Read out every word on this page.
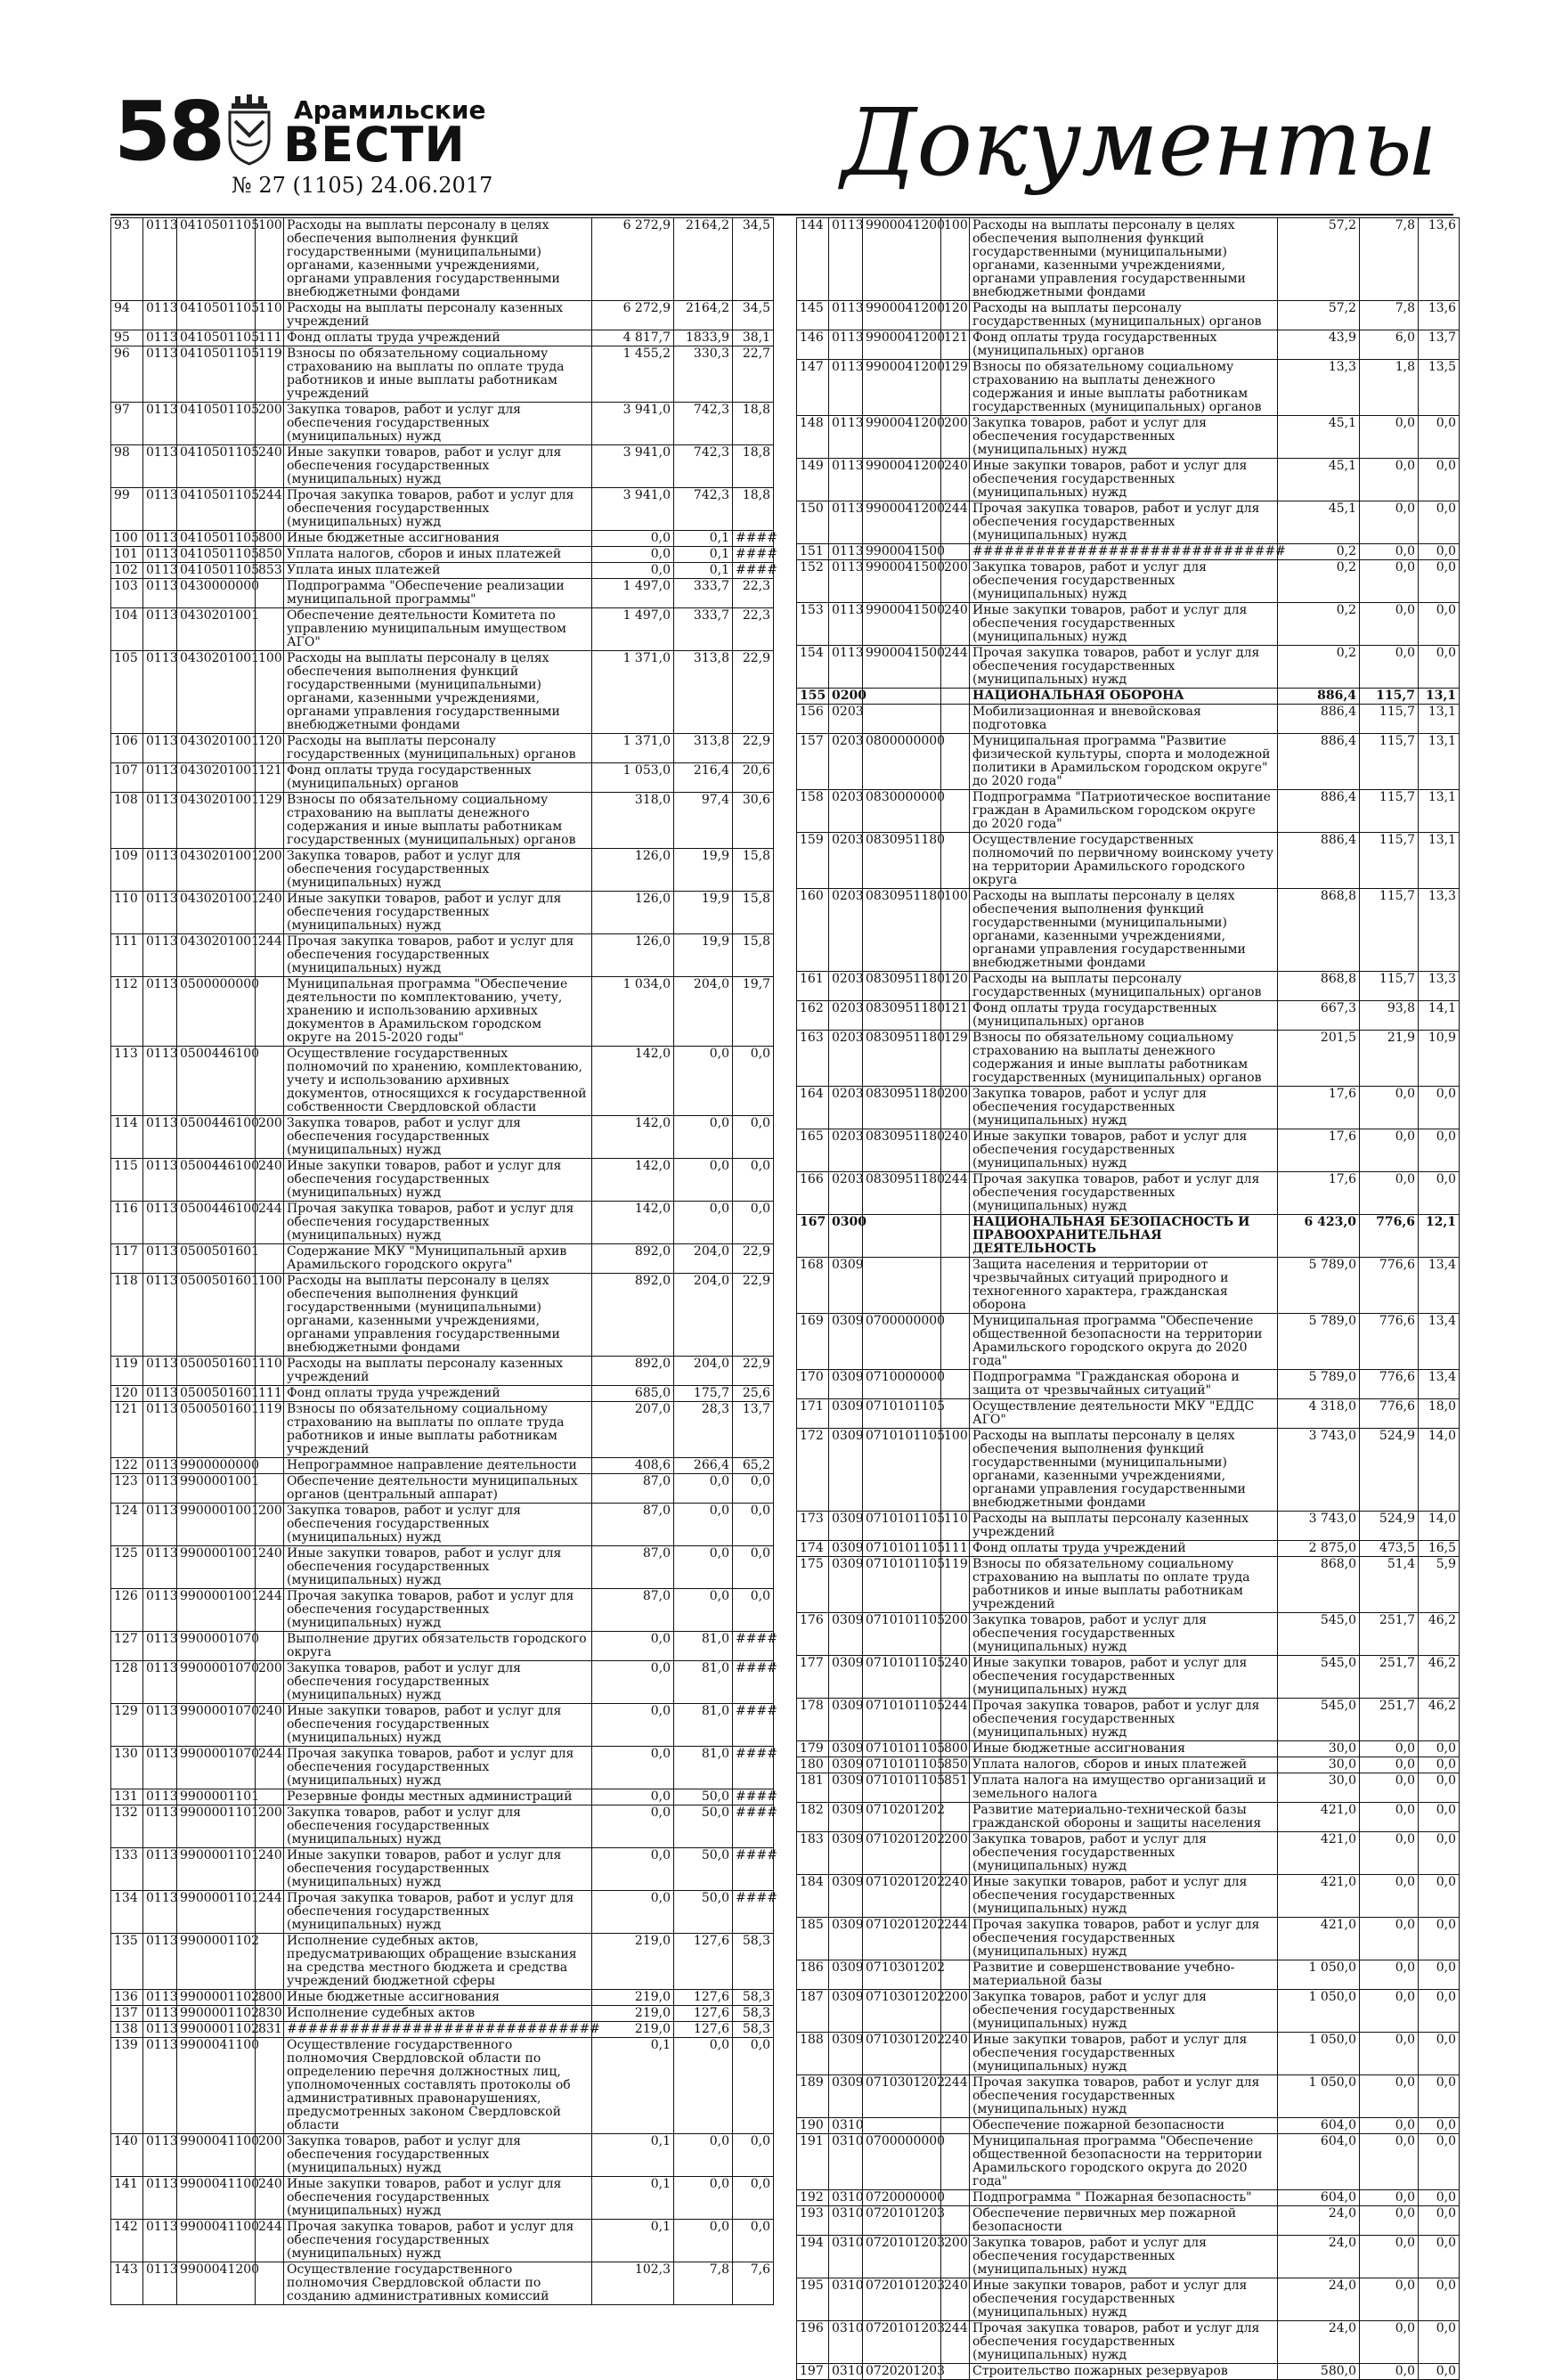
58	Арамильские
ВЕСТИ
№ 27 (1105) 24.06.2017	Документы
93	0113	0410501105	100	Расходы на выплаты персоналу в целях обеспечения выполнения функций государственными (муниципальными) органами, казенными учреждениями, органами управления государственными внебюджетными фондами	6 272,9	2164,2	34,5
94	0113	0410501105	110	Расходы на выплаты персоналу казенных учреждений	6 272,9	2164,2	34,5
95	0113	0410501105	111	Фонд оплаты труда учреждений	4 817,7	1833,9	38,1
96	0113	0410501105	119	Взносы по обязательному социальному страхованию на выплаты по оплате труда работников и иные выплаты работникам учреждений	1 455,2	330,3	22,7
97	0113	0410501105	200	Закупка товаров, работ и услуг для обеспечения государственных (муниципальных) нужд	3 941,0	742,3	18,8
98	0113	0410501105	240	Иные закупки товаров, работ и услуг для обеспечения государственных (муниципальных) нужд	3 941,0	742,3	18,8
99	0113	0410501105	244	Прочая закупка товаров, работ и услуг для обеспечения государственных (муниципальных) нужд	3 941,0	742,3	18,8
100	0113	0410501105	800	Иные бюджетные ассигнования	0,0	0,1	####
101	0113	0410501105	850	Уплата налогов, сборов и иных платежей	0,0	0,1	####
102	0113	0410501105	853	Уплата иных платежей	0,0	0,1	####
103	0113	0430000000		Подпрограмма "Обеспечение реализации муниципальной программы"	1 497,0	333,7	22,3
104	0113	0430201001		Обеспечение деятельности Комитета по управлению муниципальным имуществом АГО"	1 497,0	333,7	22,3
105	0113	0430201001	100	Расходы на выплаты персоналу в целях обеспечения выполнения функций государственными (муниципальными) органами, казенными учреждениями, органами управления государственными внебюджетными фондами	1 371,0	313,8	22,9
106	0113	0430201001	120	Расходы на выплаты персоналу государственных (муниципальных) органов	1 371,0	313,8	22,9
107	0113	0430201001	121	Фонд оплаты труда государственных (муниципальных) органов	1 053,0	216,4	20,6
108	0113	0430201001	129	Взносы по обязательному социальному страхованию на выплаты денежного содержания и иные выплаты работникам государственных (муниципальных) органов	318,0	97,4	30,6
109	0113	0430201001	200	Закупка товаров, работ и услуг для обеспечения государственных (муниципальных) нужд	126,0	19,9	15,8
110	0113	0430201001	240	Иные закупки товаров, работ и услуг для обеспечения государственных (муниципальных) нужд	126,0	19,9	15,8
111	0113	0430201001	244	Прочая закупка товаров, работ и услуг для обеспечения государственных (муниципальных) нужд	126,0	19,9	15,8
112	0113	0500000000		Муниципальная программа "Обеспечение деятельности по комплектованию, учету, хранению и использованию архивных документов в Арамильском городском округе на 2015-2020 годы"	1 034,0	204,0	19,7
113	0113	0500446100		Осуществление государственных полномочий по хранению, комплектованию, учету и использованию архивных документов, относящихся к государственной собственности Свердловской области	142,0	0,0	0,0
114	0113	0500446100	200	Закупка товаров, работ и услуг для обеспечения государственных (муниципальных) нужд	142,0	0,0	0,0
115	0113	0500446100	240	Иные закупки товаров, работ и услуг для обеспечения государственных (муниципальных) нужд	142,0	0,0	0,0
116	0113	0500446100	244	Прочая закупка товаров, работ и услуг для обеспечения государственных (муниципальных) нужд	142,0	0,0	0,0
117	0113	0500501601		Содержание МКУ "Муниципальный архив Арамильского городского округа"	892,0	204,0	22,9
118	0113	0500501601	100	Расходы на выплаты персоналу в целях обеспечения выполнения функций государственными (муниципальными) органами, казенными учреждениями, органами управления государственными внебюджетными фондами	892,0	204,0	22,9
119	0113	0500501601	110	Расходы на выплаты персоналу казенных учреждений	892,0	204,0	22,9
120	0113	0500501601	111	Фонд оплаты труда учреждений	685,0	175,7	25,6
121	0113	0500501601	119	Взносы по обязательному социальному страхованию на выплаты по оплате труда работников и иные выплаты работникам учреждений	207,0	28,3	13,7
122	0113	9900000000		Непрограммное направление деятельности	408,6	266,4	65,2
123	0113	9900001001		Обеспечение деятельности муниципальных органов (центральный аппарат)	87,0	0,0	0,0
124	0113	9900001001	200	Закупка товаров, работ и услуг для обеспечения государственных (муниципальных) нужд	87,0	0,0	0,0
125	0113	9900001001	240	Иные закупки товаров, работ и услуг для обеспечения государственных (муниципальных) нужд	87,0	0,0	0,0
126	0113	9900001001	244	Прочая закупка товаров, работ и услуг для обеспечения государственных (муниципальных) нужд	87,0	0,0	0,0
127	0113	9900001070		Выполнение других обязательств городского округа	0,0	81,0	####
128	0113	9900001070	200	Закупка товаров, работ и услуг для обеспечения государственных (муниципальных) нужд	0,0	81,0	####
129	0113	9900001070	240	Иные закупки товаров, работ и услуг для обеспечения государственных (муниципальных) нужд	0,0	81,0	####
130	0113	9900001070	244	Прочая закупка товаров, работ и услуг для обеспечения государственных (муниципальных) нужд	0,0	81,0	####
131	0113	9900001101		Резервные фонды местных администраций	0,0	50,0	####
132	0113	9900001101	200	Закупка товаров, работ и услуг для обеспечения государственных (муниципальных) нужд	0,0	50,0	####
133	0113	9900001101	240	Иные закупки товаров, работ и услуг для обеспечения государственных (муниципальных) нужд	0,0	50,0	####
134	0113	9900001101	244	Прочая закупка товаров, работ и услуг для обеспечения государственных (муниципальных) нужд	0,0	50,0	####
135	0113	9900001102		Исполнение судебных актов, предусматривающих обращение взыскания на средства местного бюджета и средства учреждений бюджетной сферы	219,0	127,6	58,3
136	0113	9900001102	800	Иные бюджетные ассигнования	219,0	127,6	58,3
137	0113	9900001102	830	Исполнение судебных актов	219,0	127,6	58,3
138	0113	9900001102	831	##############################	219,0	127,6	58,3
139	0113	9900041100		Осуществление государственного полномочия Свердловской области по определению перечня должностных лиц, уполномоченных составлять протоколы об административных правонарушениях, предусмотренных законом Свердловской области	0,1	0,0	0,0
140	0113	9900041100	200	Закупка товаров, работ и услуг для обеспечения государственных (муниципальных) нужд	0,1	0,0	0,0
141	0113	9900041100	240	Иные закупки товаров, работ и услуг для обеспечения государственных (муниципальных) нужд	0,1	0,0	0,0
142	0113	9900041100	244	Прочая закупка товаров, работ и услуг для обеспечения государственных (муниципальных) нужд	0,1	0,0	0,0
143	0113	9900041200		Осуществление государственного полномочия Свердловской области по созданию административных комиссий	102,3	7,8	7,6
144	0113	9900041200	100	Расходы на выплаты персоналу в целях обеспечения выполнения функций государственными (муниципальными) органами, казенными учреждениями, органами управления государственными внебюджетными фондами	57,2	7,8	13,6
145	0113	9900041200	120	Расходы на выплаты персоналу государственных (муниципальных) органов	57,2	7,8	13,6
146	0113	9900041200	121	Фонд оплаты труда государственных (муниципальных) органов	43,9	6,0	13,7
147	0113	9900041200	129	Взносы по обязательному социальному страхованию на выплаты денежного содержания и иные выплаты работникам государственных (муниципальных) органов	13,3	1,8	13,5
148	0113	9900041200	200	Закупка товаров, работ и услуг для обеспечения государственных (муниципальных) нужд	45,1	0,0	0,0
149	0113	9900041200	240	Иные закупки товаров, работ и услуг для обеспечения государственных (муниципальных) нужд	45,1	0,0	0,0
150	0113	9900041200	244	Прочая закупка товаров, работ и услуг для обеспечения государственных (муниципальных) нужд	45,1	0,0	0,0
151	0113	9900041500		##############################	0,2	0,0	0,0
152	0113	9900041500	200	Закупка товаров, работ и услуг для обеспечения государственных (муниципальных) нужд	0,2	0,0	0,0
153	0113	9900041500	240	Иные закупки товаров, работ и услуг для обеспечения государственных (муниципальных) нужд	0,2	0,0	0,0
154	0113	9900041500	244	Прочая закупка товаров, работ и услуг для обеспечения государственных (муниципальных) нужд	0,2	0,0	0,0
155	0200			НАЦИОНАЛЬНАЯ ОБОРОНА	886,4	115,7	13,1
156	0203			Мобилизационная и вневойсковая подготовка	886,4	115,7	13,1
157	0203	0800000000		Муниципальная программа "Развитие физической культуры, спорта и молодежной политики в Арамильском городском округе" до 2020 года"	886,4	115,7	13,1
158	0203	0830000000		Подпрограмма "Патриотическое воспитание граждан в Арамильском городском округе до 2020 года"	886,4	115,7	13,1
159	0203	0830951180		Осуществление государственных полномочий по первичному воинскому учету на территории Арамильского городского округа	886,4	115,7	13,1
160	0203	0830951180	100	Расходы на выплаты персоналу в целях обеспечения выполнения функций государственными (муниципальными) органами, казенными учреждениями, органами управления государственными внебюджетными фондами	868,8	115,7	13,3
161	0203	0830951180	120	Расходы на выплаты персоналу государственных (муниципальных) органов	868,8	115,7	13,3
162	0203	0830951180	121	Фонд оплаты труда государственных (муниципальных) органов	667,3	93,8	14,1
163	0203	0830951180	129	Взносы по обязательному социальному страхованию на выплаты денежного содержания и иные выплаты работникам государственных (муниципальных) органов	201,5	21,9	10,9
164	0203	0830951180	200	Закупка товаров, работ и услуг для обеспечения государственных (муниципальных) нужд	17,6	0,0	0,0
165	0203	0830951180	240	Иные закупки товаров, работ и услуг для обеспечения государственных (муниципальных) нужд	17,6	0,0	0,0
166	0203	0830951180	244	Прочая закупка товаров, работ и услуг для обеспечения государственных (муниципальных) нужд	17,6	0,0	0,0
167	0300			НАЦИОНАЛЬНАЯ БЕЗОПАСНОСТЬ И ПРАВООХРАНИТЕЛЬНАЯ ДЕЯТЕЛЬНОСТЬ	6 423,0	776,6	12,1
168	0309			Защита населения и территории от чрезвычайных ситуаций природного и техногенного характера, гражданская оборона	5 789,0	776,6	13,4
169	0309	0700000000		Муниципальная программа "Обеспечение общественной безопасности на территории Арамильского городского округа до 2020 года"	5 789,0	776,6	13,4
170	0309	0710000000		Подпрограмма "Гражданская оборона и защита от чрезвычайных ситуаций"	5 789,0	776,6	13,4
171	0309	0710101105		Осуществление деятельности МКУ "ЕДДС АГО"	4 318,0	776,6	18,0
172	0309	0710101105	100	Расходы на выплаты персоналу в целях обеспечения выполнения функций государственными (муниципальными) органами, казенными учреждениями, органами управления государственными внебюджетными фондами	3 743,0	524,9	14,0
173	0309	0710101105	110	Расходы на выплаты персоналу казенных учреждений	3 743,0	524,9	14,0
174	0309	0710101105	111	Фонд оплаты труда учреждений	2 875,0	473,5	16,5
175	0309	0710101105	119	Взносы по обязательному социальному страхованию на выплаты по оплате труда работников и иные выплаты работникам учреждений	868,0	51,4	5,9
176	0309	0710101105	200	Закупка товаров, работ и услуг для обеспечения государственных (муниципальных) нужд	545,0	251,7	46,2
177	0309	0710101105	240	Иные закупки товаров, работ и услуг для обеспечения государственных (муниципальных) нужд	545,0	251,7	46,2
178	0309	0710101105	244	Прочая закупка товаров, работ и услуг для обеспечения государственных (муниципальных) нужд	545,0	251,7	46,2
179	0309	0710101105	800	Иные бюджетные ассигнования	30,0	0,0	0,0
180	0309	0710101105	850	Уплата налогов, сборов и иных платежей	30,0	0,0	0,0
181	0309	0710101105	851	Уплата налога на имущество организаций и земельного налога	30,0	0,0	0,0
182	0309	0710201202		Развитие материально-технической базы гражданской обороны и защиты населения	421,0	0,0	0,0
183	0309	0710201202	200	Закупка товаров, работ и услуг для обеспечения государственных (муниципальных) нужд	421,0	0,0	0,0
184	0309	0710201202	240	Иные закупки товаров, работ и услуг для обеспечения государственных (муниципальных) нужд	421,0	0,0	0,0
185	0309	0710201202	244	Прочая закупка товаров, работ и услуг для обеспечения государственных (муниципальных) нужд	421,0	0,0	0,0
186	0309	0710301202		Развитие и совершенствование учебно-материальной базы	1 050,0	0,0	0,0
187	0309	0710301202	200	Закупка товаров, работ и услуг для обеспечения государственных (муниципальных) нужд	1 050,0	0,0	0,0
188	0309	0710301202	240	Иные закупки товаров, работ и услуг для обеспечения государственных (муниципальных) нужд	1 050,0	0,0	0,0
189	0309	0710301202	244	Прочая закупка товаров, работ и услуг для обеспечения государственных (муниципальных) нужд	1 050,0	0,0	0,0
190	0310			Обеспечение пожарной безопасности	604,0	0,0	0,0
191	0310	0700000000		Муниципальная программа "Обеспечение общественной безопасности на территории Арамильского городского округа до 2020 года"	604,0	0,0	0,0
192	0310	0720000000		Подпрограмма " Пожарная безопасность"	604,0	0,0	0,0
193	0310	0720101203		Обеспечение первичных мер пожарной безопасности	24,0	0,0	0,0
194	0310	0720101203	200	Закупка товаров, работ и услуг для обеспечения государственных (муниципальных) нужд	24,0	0,0	0,0
195	0310	0720101203	240	Иные закупки товаров, работ и услуг для обеспечения государственных (муниципальных) нужд	24,0	0,0	0,0
196	0310	0720101203	244	Прочая закупка товаров, работ и услуг для обеспечения государственных (муниципальных) нужд	24,0	0,0	0,0
197	0310	0720201203		Строительство пожарных резервуаров	580,0	0,0	0,0
